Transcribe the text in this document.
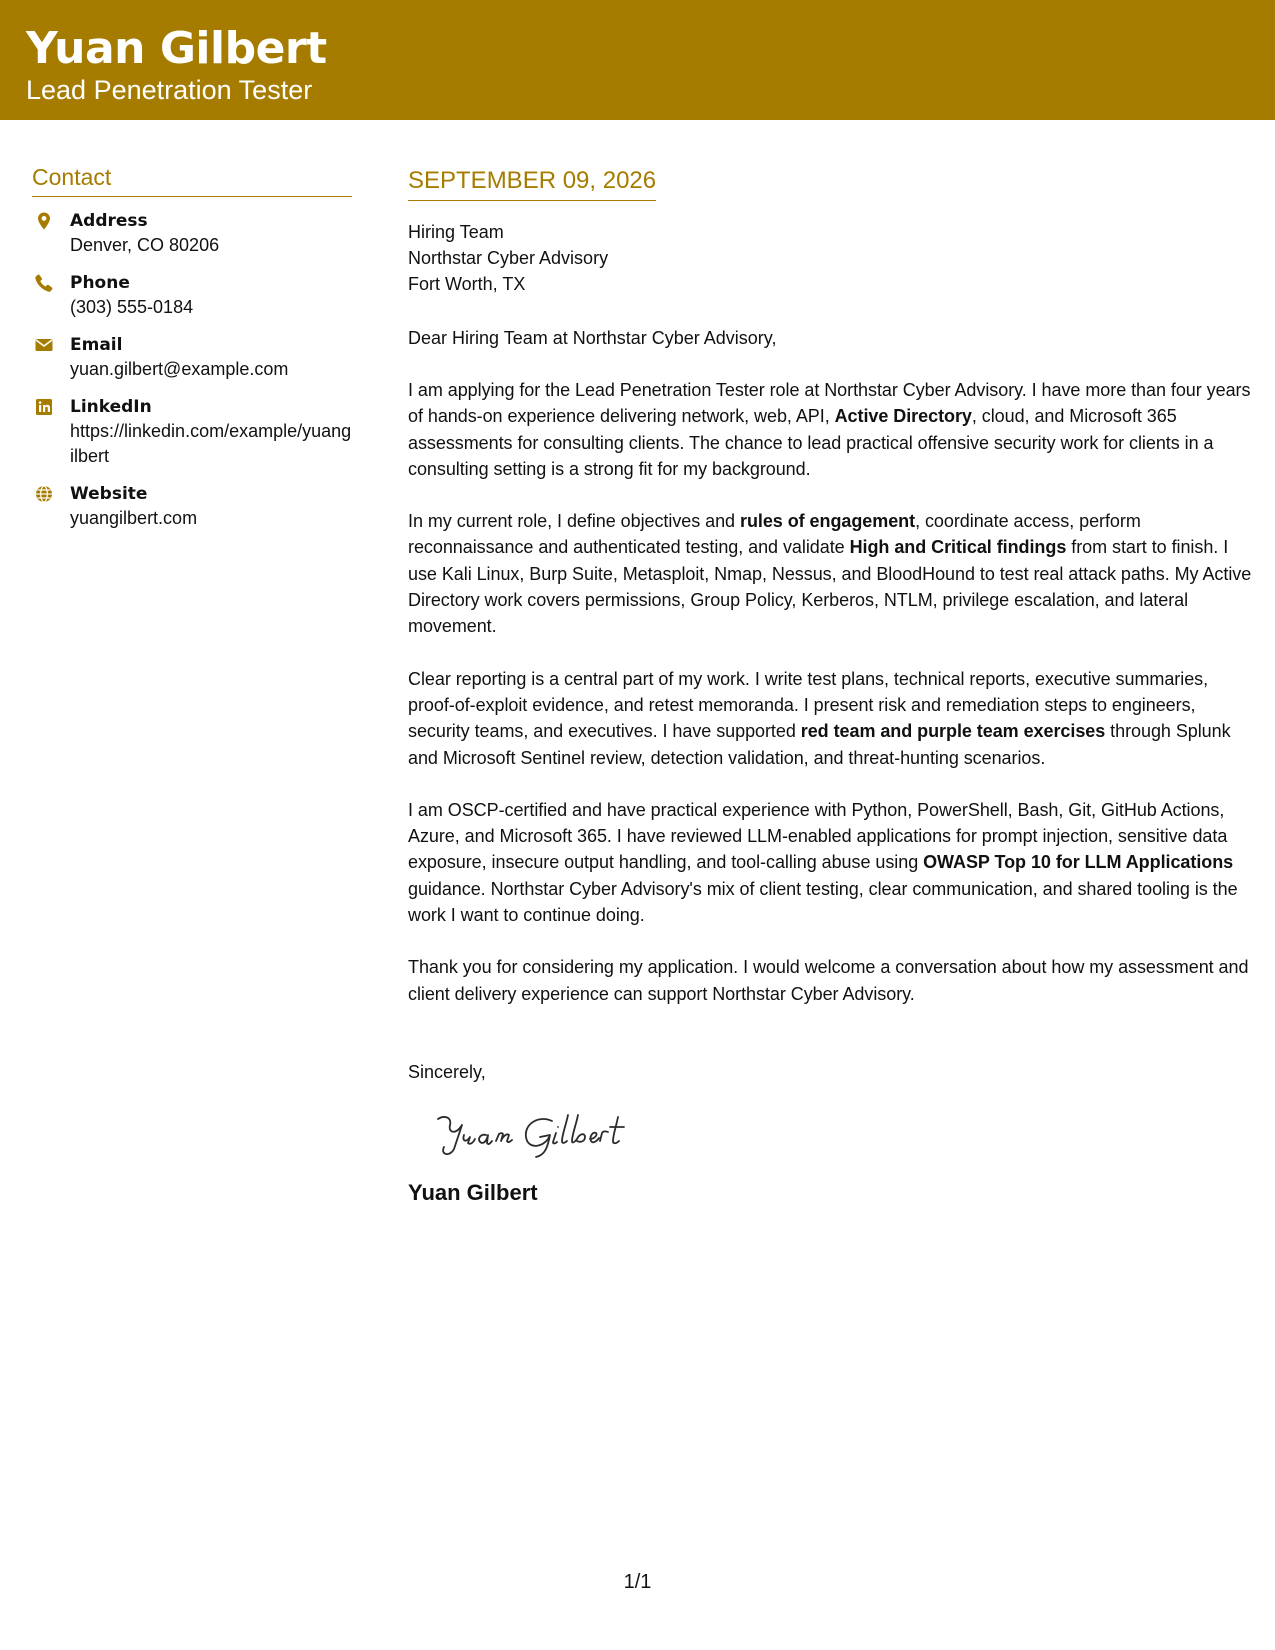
Yuan Gilbert
Lead Penetration Tester
Contact
Address
Denver, CO 80206
Phone
(303) 555-0184
Email
yuan.gilbert@example.com
LinkedIn
https://linkedin.com/example/yuangilbert
Website
yuangilbert.com
SEPTEMBER 09, 2026
Hiring Team
Northstar Cyber Advisory
Fort Worth, TX
Dear Hiring Team at Northstar Cyber Advisory,
I am applying for the Lead Penetration Tester role at Northstar Cyber Advisory. I have more than four years of hands-on experience delivering network, web, API, Active Directory, cloud, and Microsoft 365 assessments for consulting clients. The chance to lead practical offensive security work for clients in a consulting setting is a strong fit for my background.
In my current role, I define objectives and rules of engagement, coordinate access, perform reconnaissance and authenticated testing, and validate High and Critical findings from start to finish. I use Kali Linux, Burp Suite, Metasploit, Nmap, Nessus, and BloodHound to test real attack paths. My Active Directory work covers permissions, Group Policy, Kerberos, NTLM, privilege escalation, and lateral movement.
Clear reporting is a central part of my work. I write test plans, technical reports, executive summaries, proof-of-exploit evidence, and retest memoranda. I present risk and remediation steps to engineers, security teams, and executives. I have supported red team and purple team exercises through Splunk and Microsoft Sentinel review, detection validation, and threat-hunting scenarios.
I am OSCP-certified and have practical experience with Python, PowerShell, Bash, Git, GitHub Actions, Azure, and Microsoft 365. I have reviewed LLM-enabled applications for prompt injection, sensitive data exposure, insecure output handling, and tool-calling abuse using OWASP Top 10 for LLM Applications guidance. Northstar Cyber Advisory's mix of client testing, clear communication, and shared tooling is the work I want to continue doing.
Thank you for considering my application. I would welcome a conversation about how my assessment and client delivery experience can support Northstar Cyber Advisory.
Sincerely,
Yuan Gilbert
1/1
